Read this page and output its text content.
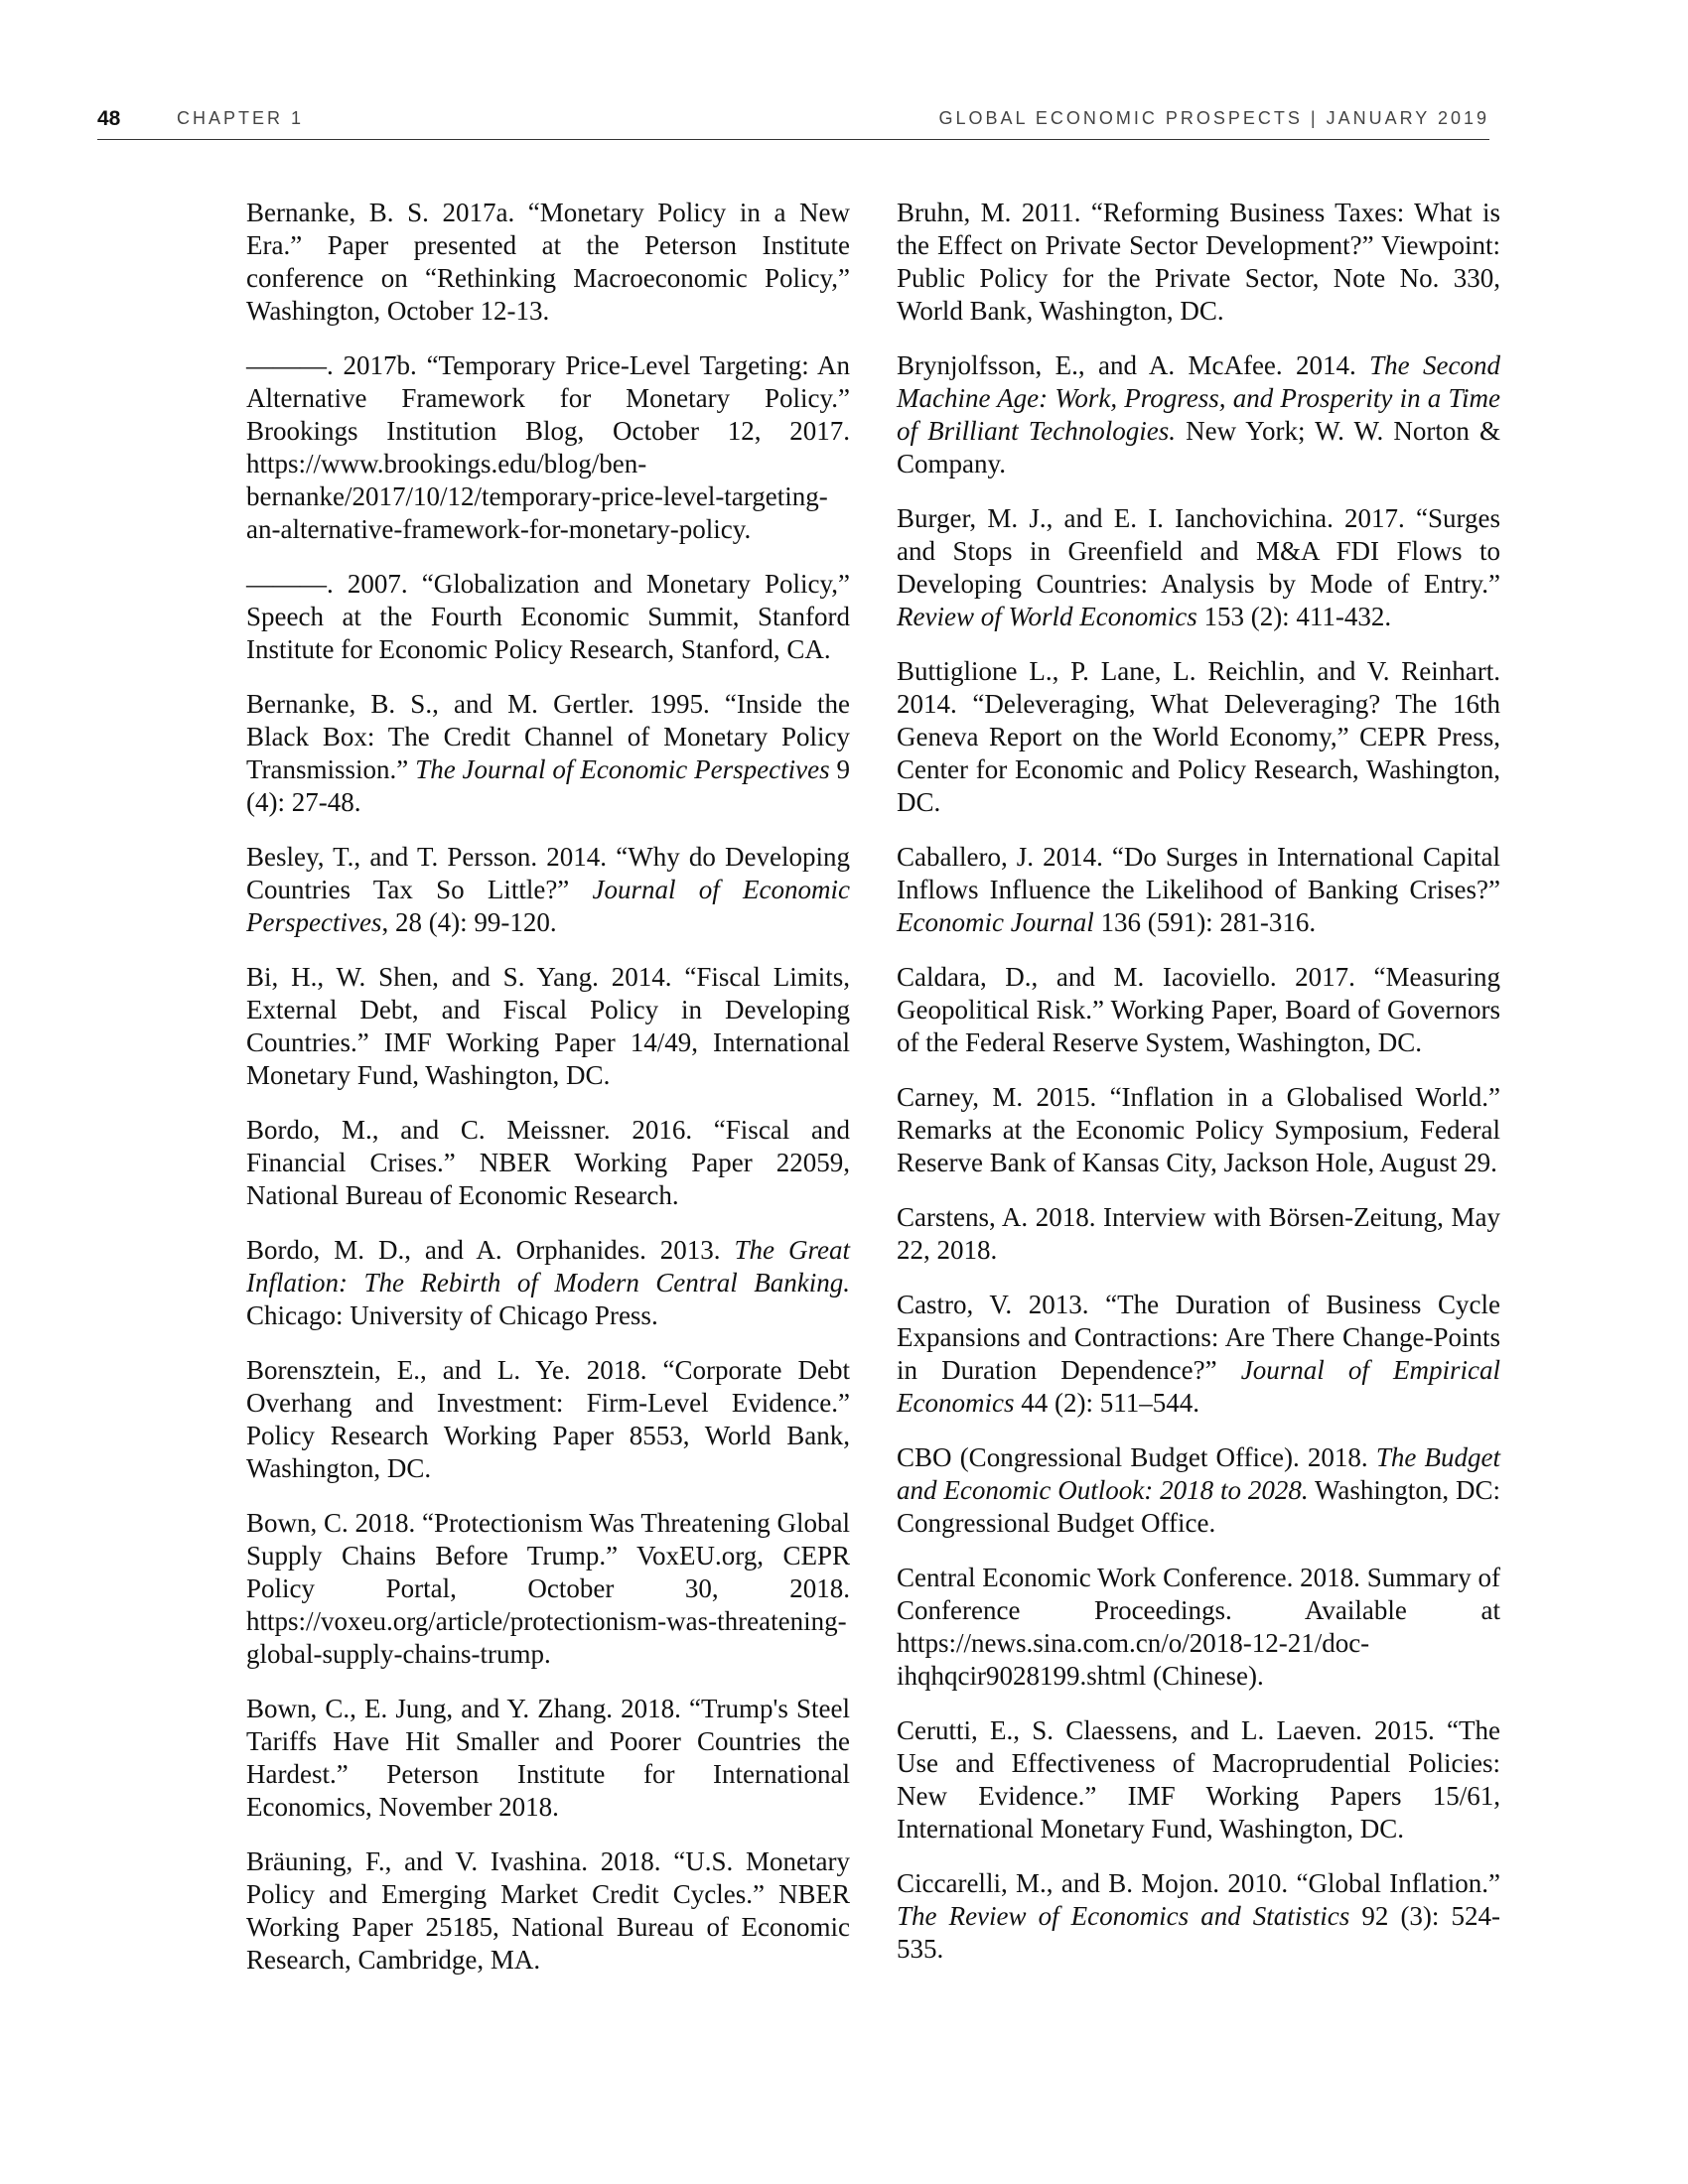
48	CHAPTER 1	GLOBAL ECONOMIC PROSPECTS | JANUARY 2019

Bernanke, B. S. 2017a. “Monetary Policy in a New Era.” Paper presented at the Peterson Institute conference on “Rethinking Macroeconomic Policy,” Washington, October 12-13.

———. 2017b. “Temporary Price-Level Targeting: An Alternative Framework for Monetary Policy.” Brookings Institution Blog, October 12, 2017. https://www.brookings.edu/blog/ben-bernanke/2017/10/12/temporary-price-level-targeting-an-alternative-framework-for-monetary-policy.

———. 2007. “Globalization and Monetary Policy,” Speech at the Fourth Economic Summit, Stanford Institute for Economic Policy Research, Stanford, CA.

Bernanke, B. S., and M. Gertler. 1995. “Inside the Black Box: The Credit Channel of Monetary Policy Transmission.” The Journal of Economic Perspectives 9 (4): 27-48.

Besley, T., and T. Persson. 2014. “Why do Developing Countries Tax So Little?” Journal of Economic Perspectives, 28 (4): 99-120.

Bi, H., W. Shen, and S. Yang. 2014. “Fiscal Limits, External Debt, and Fiscal Policy in Developing Countries.” IMF Working Paper 14/49, International Monetary Fund, Washington, DC.

Bordo, M., and C. Meissner. 2016. “Fiscal and Financial Crises.” NBER Working Paper 22059, National Bureau of Economic Research.

Bordo, M. D., and A. Orphanides. 2013. The Great Inflation: The Rebirth of Modern Central Banking. Chicago: University of Chicago Press.

Borensztein, E., and L. Ye. 2018. “Corporate Debt Overhang and Investment: Firm-Level Evidence.” Policy Research Working Paper 8553, World Bank, Washington, DC.

Bown, C. 2018. “Protectionism Was Threatening Global Supply Chains Before Trump.” VoxEU.org, CEPR Policy Portal, October 30, 2018. https://voxeu.org/article/protectionism-was-threatening-global-supply-chains-trump.

Bown, C., E. Jung, and Y. Zhang. 2018. “Trump's Steel Tariffs Have Hit Smaller and Poorer Countries the Hardest.” Peterson Institute for International Economics, November 2018.

Bräuning, F., and V. Ivashina. 2018. “U.S. Monetary Policy and Emerging Market Credit Cycles.” NBER Working Paper 25185, National Bureau of Economic Research, Cambridge, MA.

Bruhn, M. 2011. “Reforming Business Taxes: What is the Effect on Private Sector Development?” Viewpoint: Public Policy for the Private Sector, Note No. 330, World Bank, Washington, DC.

Brynjolfsson, E., and A. McAfee. 2014. The Second Machine Age: Work, Progress, and Prosperity in a Time of Brilliant Technologies. New York; W. W. Norton & Company.

Burger, M. J., and E. I. Ianchovichina. 2017. “Surges and Stops in Greenfield and M&A FDI Flows to Developing Countries: Analysis by Mode of Entry.” Review of World Economics 153 (2): 411-432.

Buttiglione L., P. Lane, L. Reichlin, and V. Reinhart. 2014. “Deleveraging, What Deleveraging? The 16th Geneva Report on the World Economy,” CEPR Press, Center for Economic and Policy Research, Washington, DC.

Caballero, J. 2014. “Do Surges in International Capital Inflows Influence the Likelihood of Banking Crises?” Economic Journal 136 (591): 281-316.

Caldara, D., and M. Iacoviello. 2017. “Measuring Geopolitical Risk.” Working Paper, Board of Governors of the Federal Reserve System, Washington, DC.

Carney, M. 2015. “Inflation in a Globalised World.” Remarks at the Economic Policy Symposium, Federal Reserve Bank of Kansas City, Jackson Hole, August 29.

Carstens, A. 2018. Interview with Börsen-Zeitung, May 22, 2018.

Castro, V. 2013. “The Duration of Business Cycle Expansions and Contractions: Are There Change-Points in Duration Dependence?” Journal of Empirical Economics 44 (2): 511–544.

CBO (Congressional Budget Office). 2018. The Budget and Economic Outlook: 2018 to 2028. Washington, DC: Congressional Budget Office.

Central Economic Work Conference. 2018. Summary of Conference Proceedings. Available at https://news.sina.com.cn/o/2018-12-21/doc-ihqhqcir9028199.shtml (Chinese).

Cerutti, E., S. Claessens, and L. Laeven. 2015. “The Use and Effectiveness of Macroprudential Policies: New Evidence.” IMF Working Papers 15/61, International Monetary Fund, Washington, DC.

Ciccarelli, M., and B. Mojon. 2010. “Global Inflation.” The Review of Economics and Statistics 92 (3): 524-535.
